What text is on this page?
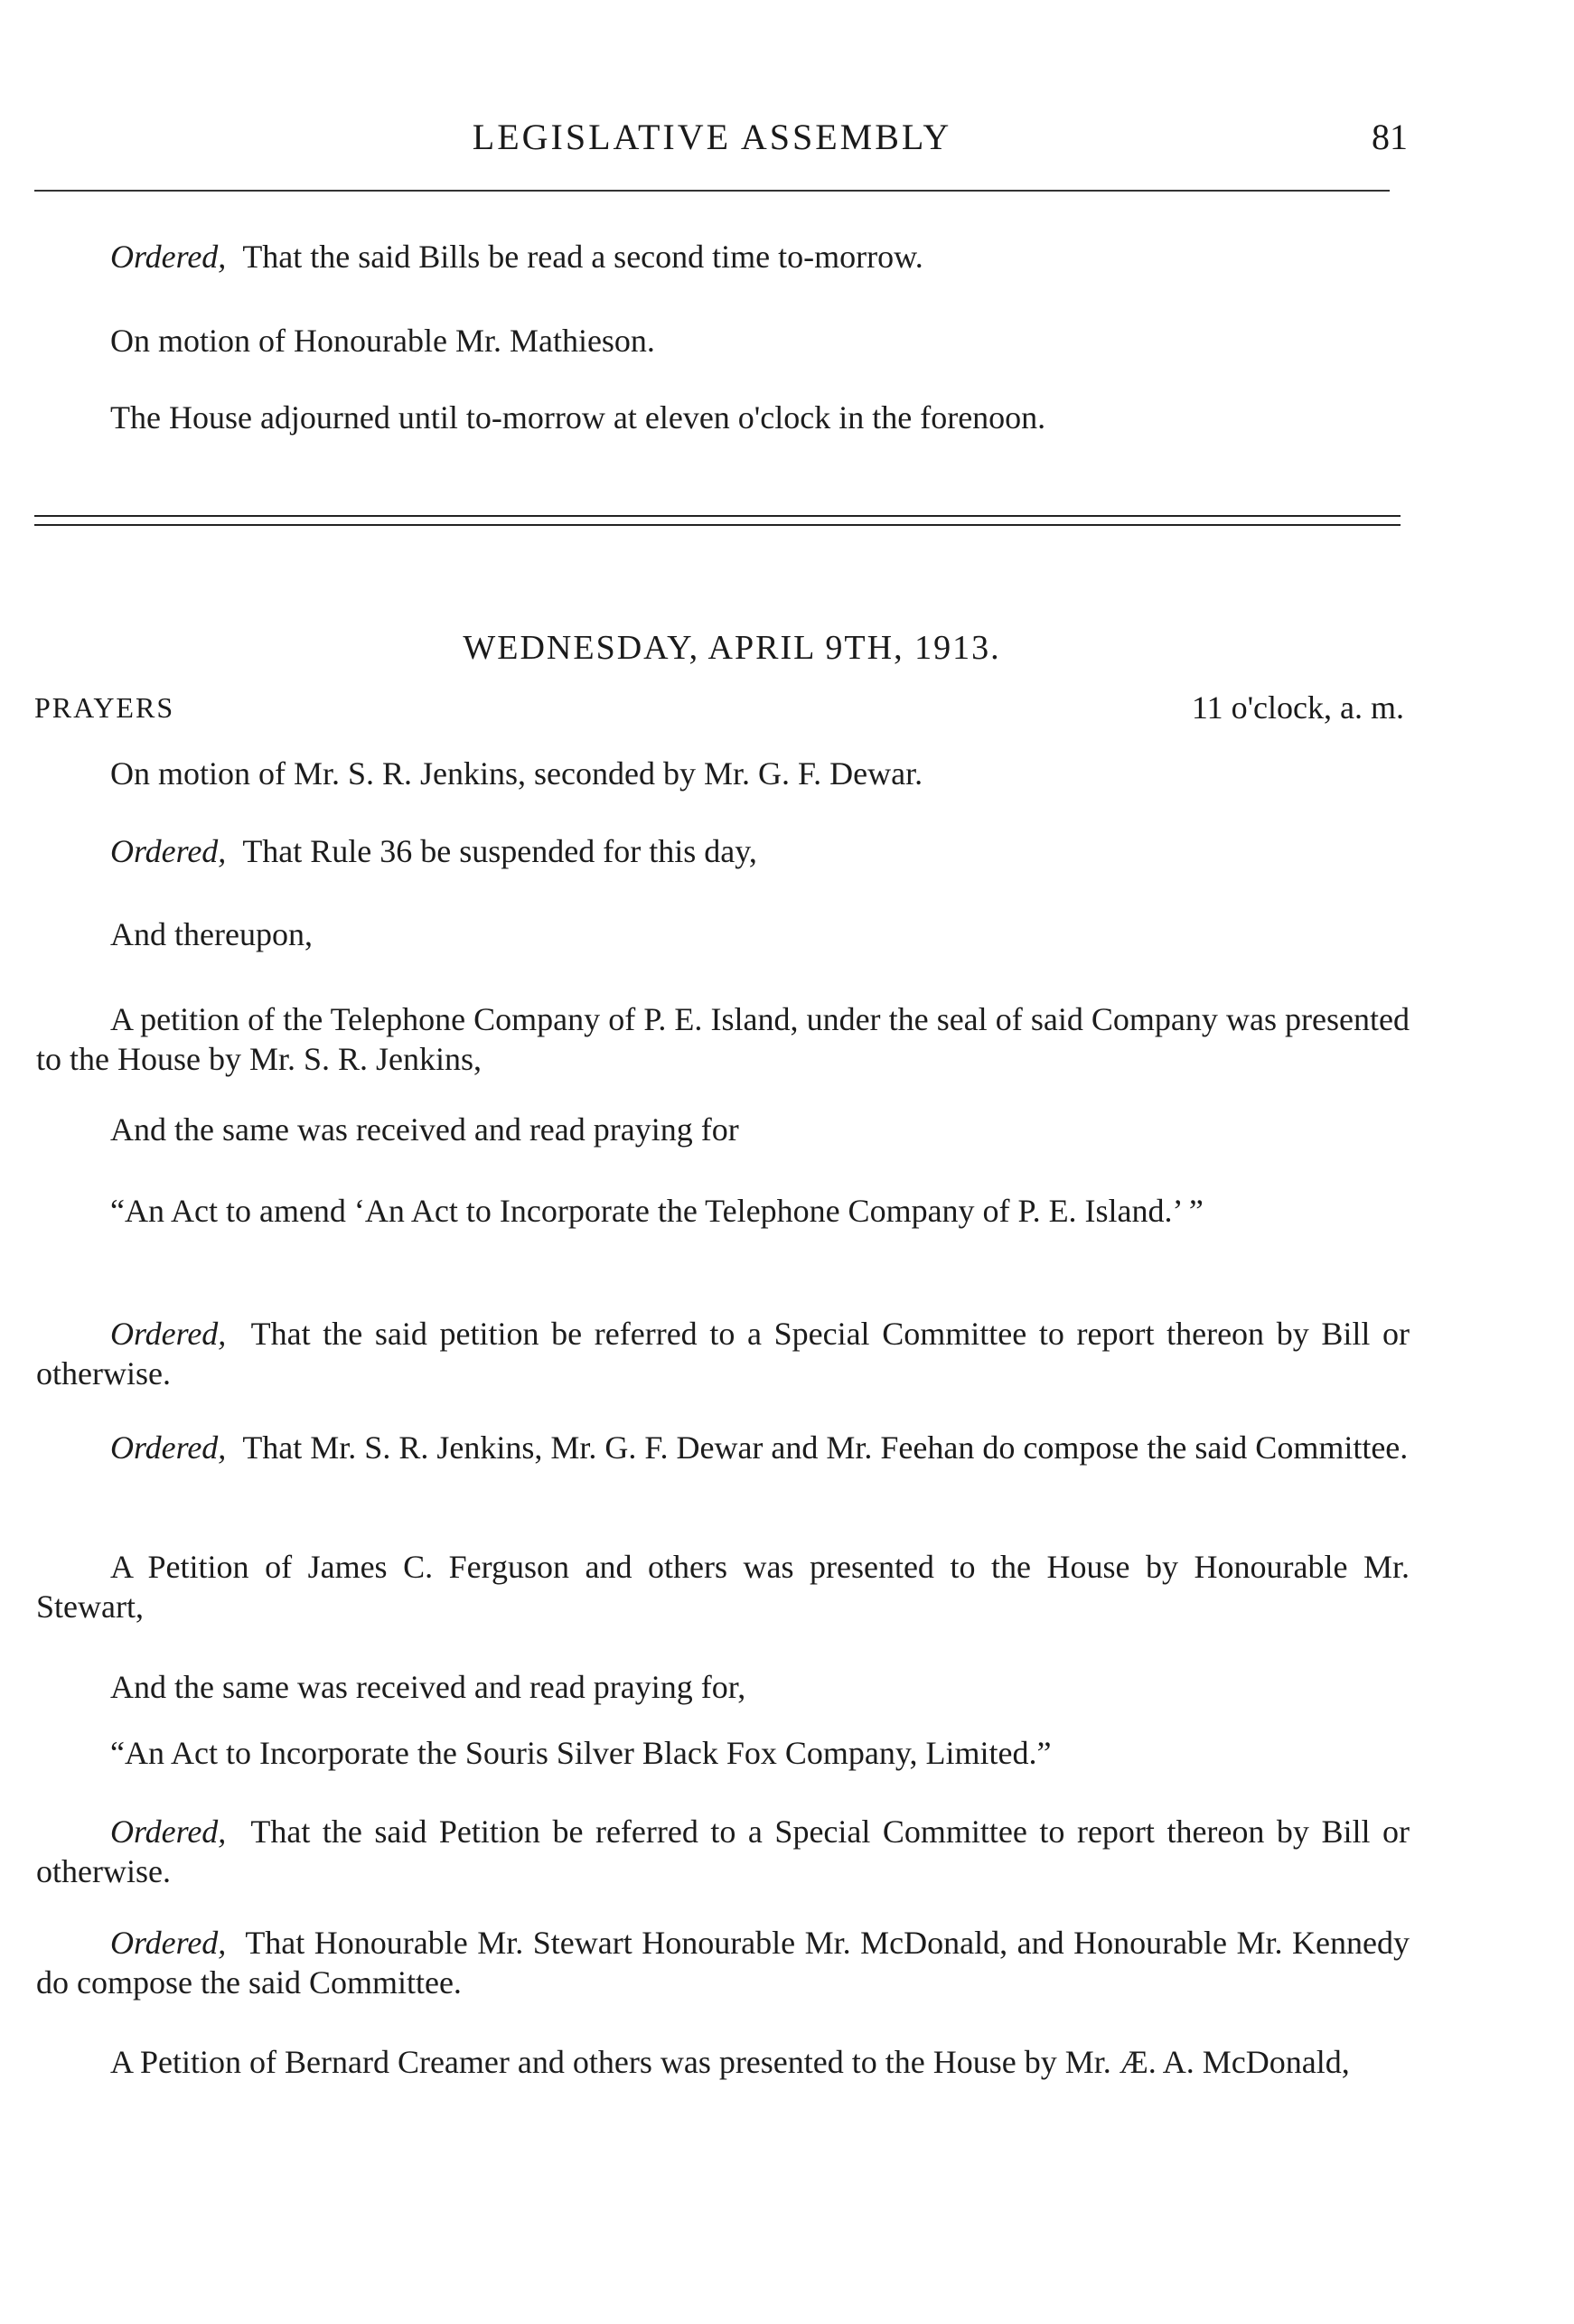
LEGISLATIVE ASSEMBLY	81
Ordered, That the said Bills be read a second time to-morrow.
On motion of Honourable Mr. Mathieson.
The House adjourned until to-morrow at eleven o'clock in the forenoon.
WEDNESDAY, APRIL 9TH, 1913.
PRAYERS	11 o'clock, a. m.
On motion of Mr. S. R. Jenkins, seconded by Mr. G. F. Dewar.
Ordered, That Rule 36 be suspended for this day,
And thereupon,
A petition of the Telephone Company of P. E. Island, under the seal of said Company was presented to the House by Mr. S. R. Jenkins,
And the same was received and read praying for
“An Act to amend ‘An Act to Incorporate the Telephone Company of P. E. Island.’ ”
Ordered, That the said petition be referred to a Special Committee to report thereon by Bill or otherwise.
Ordered, That Mr. S. R. Jenkins, Mr. G. F. Dewar and Mr. Feehan do compose the said Committee.
A Petition of James C. Ferguson and others was presented to the House by Honourable Mr. Stewart,
And the same was received and read praying for,
“An Act to Incorporate the Souris Silver Black Fox Company, Limited.”
Ordered, That the said Petition be referred to a Special Committee to report thereon by Bill or otherwise.
Ordered, That Honourable Mr. Stewart Honourable Mr. McDonald, and Honourable Mr. Kennedy do compose the said Committee.
A Petition of Bernard Creamer and others was presented to the House by Mr. Æ. A. McDonald,
